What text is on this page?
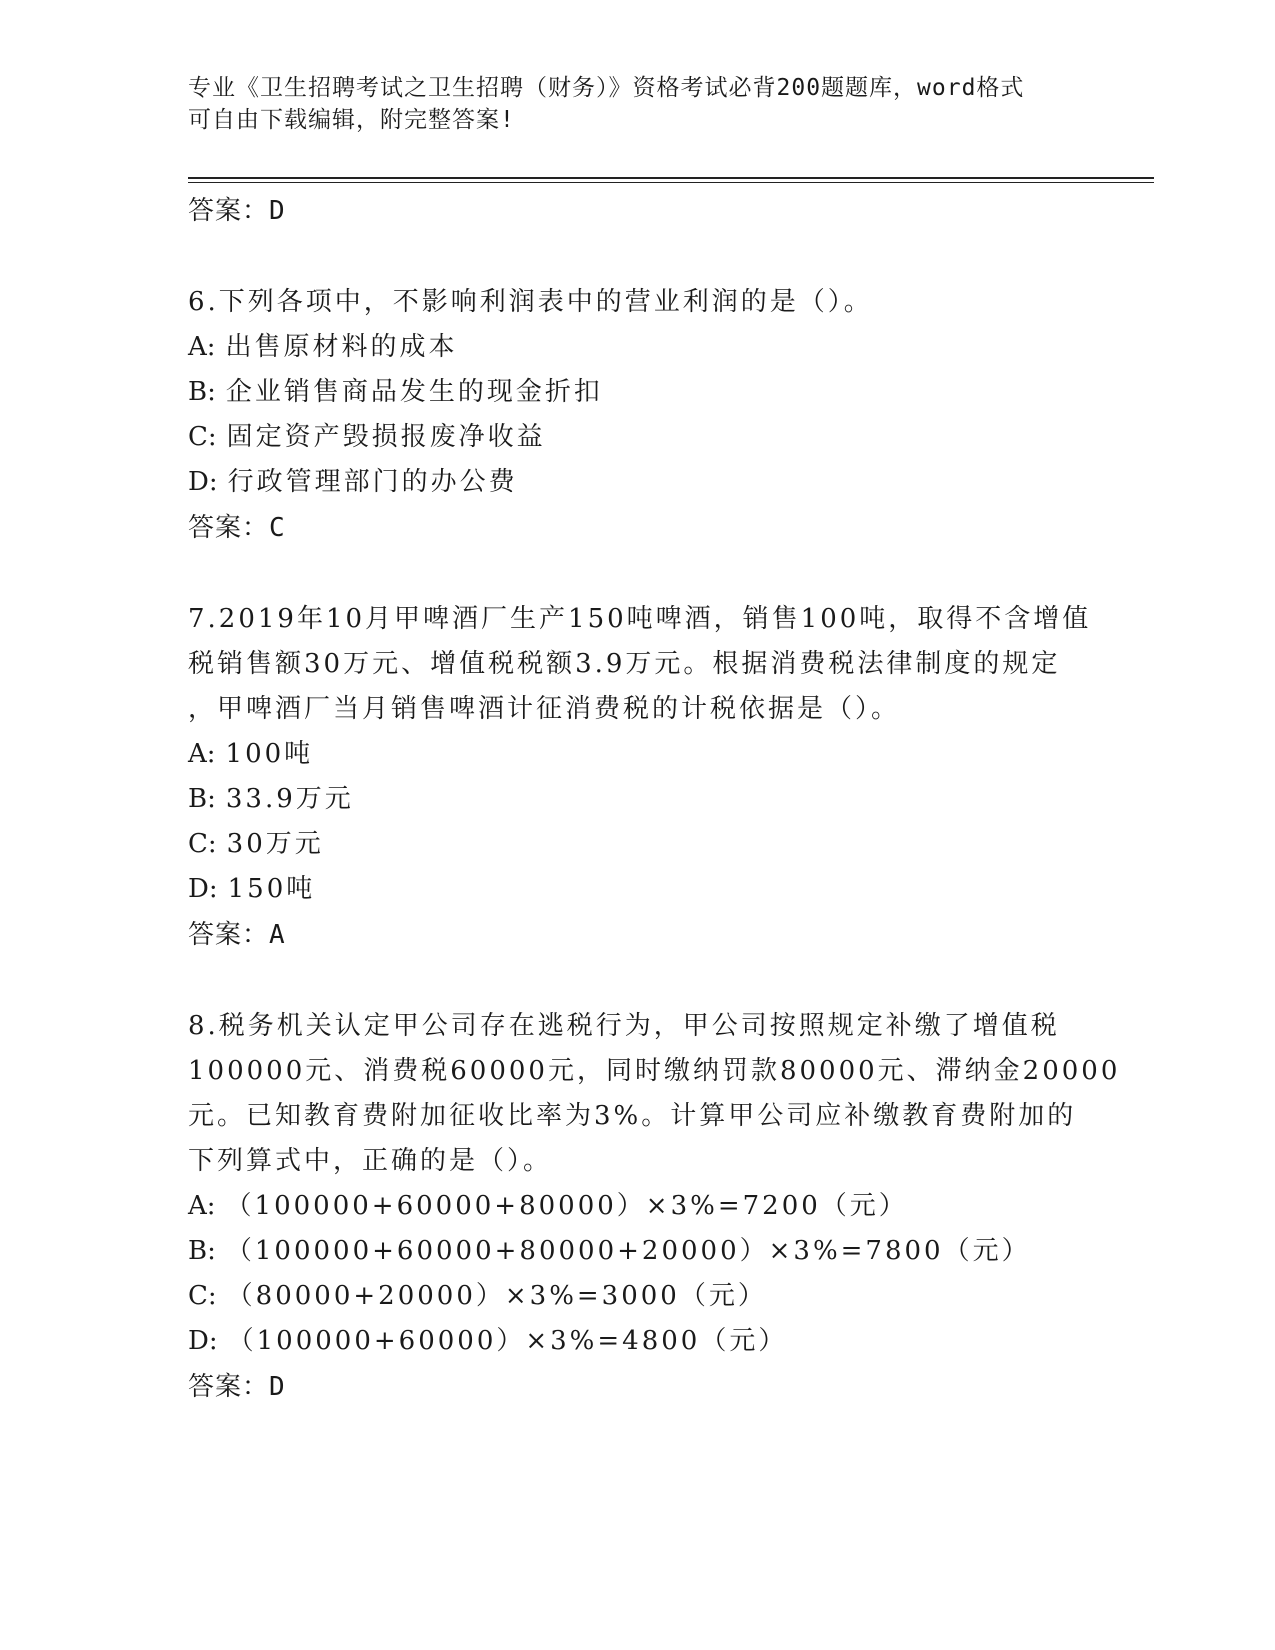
专业《卫生招聘考试之卫生招聘（财务）》资格考试必背200题题库，word格式
可自由下载编辑，附完整答案!
答案：D
6.下列各项中，不影响利润表中的营业利润的是（）。
A: 出售原材料的成本
B: 企业销售商品发生的现金折扣
C: 固定资产毁损报废净收益
D: 行政管理部门的办公费
答案：C
7.2019年10月甲啤酒厂生产150吨啤酒，销售100吨，取得不含增值
税销售额30万元、增值税税额3.9万元。根据消费税法律制度的规定
，甲啤酒厂当月销售啤酒计征消费税的计税依据是（）。
A: 100吨
B: 33.9万元
C: 30万元
D: 150吨
答案：A
8.税务机关认定甲公司存在逃税行为，甲公司按照规定补缴了增值税
100000元、消费税60000元，同时缴纳罚款80000元、滞纳金20000
元。已知教育费附加征收比率为3%。计算甲公司应补缴教育费附加的
下列算式中，正确的是（）。
A: （100000+60000+80000）×3%=7200（元）
B: （100000+60000+80000+20000）×3%=7800（元）
C: （80000+20000）×3%=3000（元）
D: （100000+60000）×3%=4800（元）
答案：D
